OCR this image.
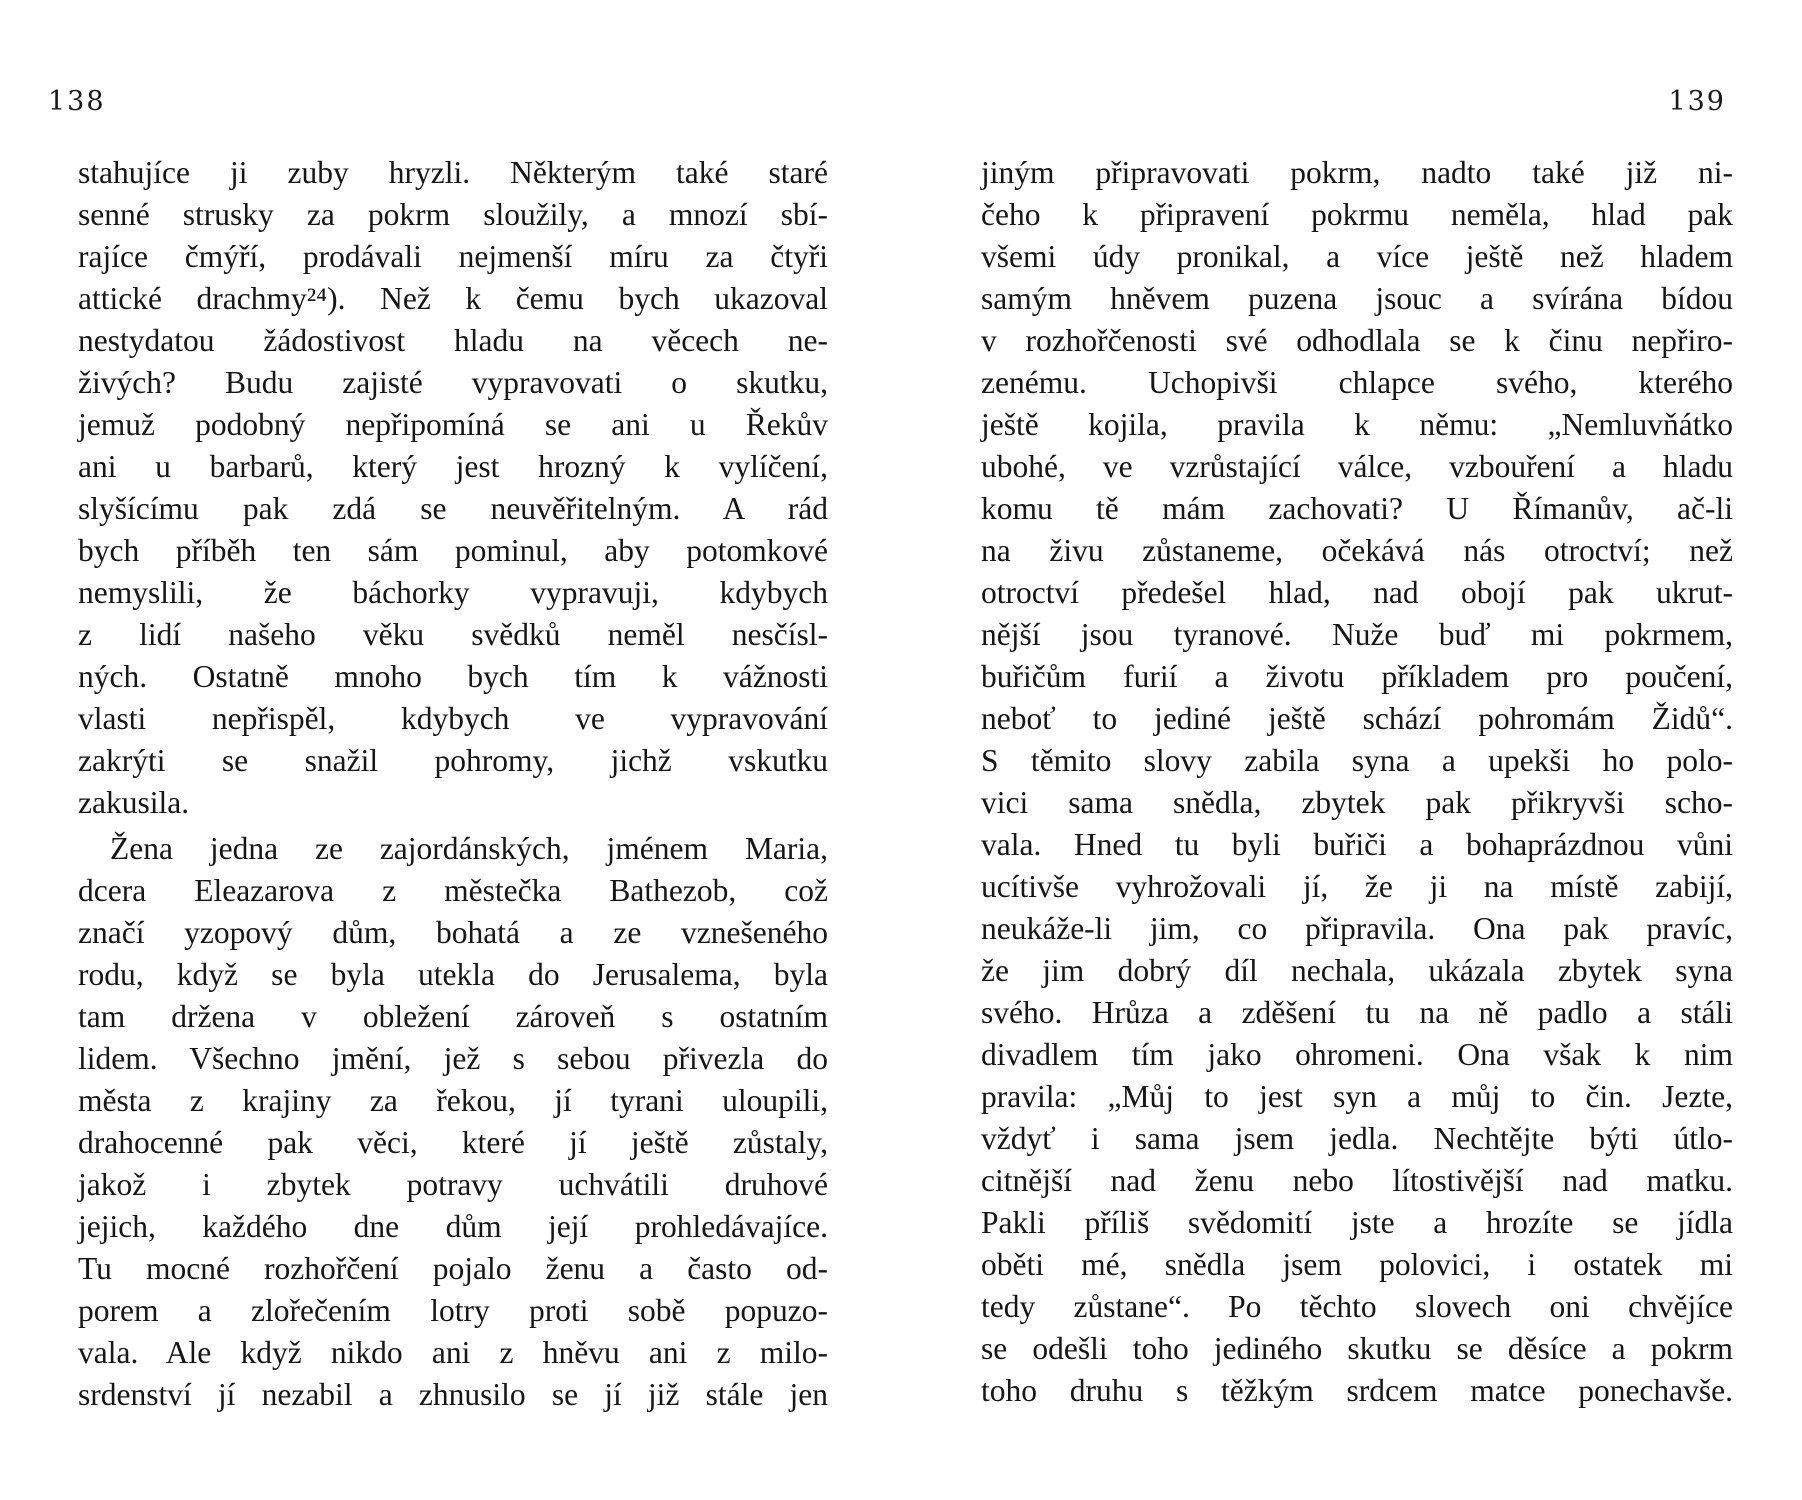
138
stahujíce ji zuby hryzli. Některým také staré
senné strusky za pokrm sloužily, a mnozí sbí-
rajíce čmýří, prodávali nejmenší míru za čtyři
attické drachmy²⁴). Než k čemu bych ukazoval
nestydatou žádostivost hladu na věcech ne-
živých? Budu zajisté vypravovati o skutku,
jemuž podobný nepřipomíná se ani u Řekův
ani u barbarů, který jest hrozný k vylíčení,
slyšícímu pak zdá se neuvěřitelným. A rád
bych příběh ten sám pominul, aby potomkové
nemyslili, že báchorky vypravuji, kdybych
z lidí našeho věku svědků neměl nesčísl-
ných. Ostatně mnoho bych tím k vážnosti
vlasti nepřispěl, kdybych ve vypravování
zakrýti se snažil pohromy, jichž vskutku
zakusila.
Žena jedna ze zajordánských, jménem Maria,
dcera Eleazarova z městečka Bathezob, což
značí yzopový dům, bohatá a ze vznešeného
rodu, když se byla utekla do Jerusalema, byla
tam držena v obležení zároveň s ostatním
lidem. Všechno jmění, jež s sebou přivezla do
města z krajiny za řekou, jí tyrani uloupili,
drahocenné pak věci, které jí ještě zůstaly,
jakož i zbytek potravy uchvátili druhové
jejich, každého dne dům její prohledávajíce.
Tu mocné rozhořčení pojalo ženu a často od-
porem a zlořečením lotry proti sobě popuzo-
vala. Ale když nikdo ani z hněvu ani z milo-
srdenství jí nezabil a zhnusilo se jí již stále jen
139
jiným připravovati pokrm, nadto také již ni-
čeho k připravení pokrmu neměla, hlad pak
všemi údy pronikal, a více ještě než hladem
samým hněvem puzena jsouc a svírána bídou
v rozhořčenosti své odhodlala se k činu nepřiro-
zenému. Uchopivši chlapce svého, kterého
ještě kojila, pravila k němu: „Nemluvňátko
ubohé, ve vzrůstající válce, vzbouření a hladu
komu tě mám zachovati? U Římanův, ač-li
na živu zůstaneme, očekává nás otroctví; než
otroctví předešel hlad, nad obojí pak ukrut-
nější jsou tyranové. Nuže buď mi pokrmem,
buřičům furií a životu příkladem pro poučení,
neboť to jediné ještě schází pohromám Židů“.
S těmito slovy zabila syna a upekši ho polo-
vici sama snědla, zbytek pak přikryvši scho-
vala. Hned tu byli buřiči a bohaprázdnou vůni
ucítivše vyhrožovali jí, že ji na místě zabijí,
neukáže-li jim, co připravila. Ona pak pravíc,
že jim dobrý díl nechala, ukázala zbytek syna
svého. Hrůza a zděšení tu na ně padlo a stáli
divadlem tím jako ohromeni. Ona však k nim
pravila: „Můj to jest syn a můj to čin. Jezte,
vždyť i sama jsem jedla. Nechtějte býti útlo-
citnější nad ženu nebo lítostivější nad matku.
Pakli příliš svědomití jste a hrozíte se jídla
oběti mé, snědla jsem polovici, i ostatek mi
tedy zůstane“. Po těchto slovech oni chvějíce
se odešli toho jediného skutku se děsíce a pokrm
toho druhu s těžkým srdcem matce ponechavše.
